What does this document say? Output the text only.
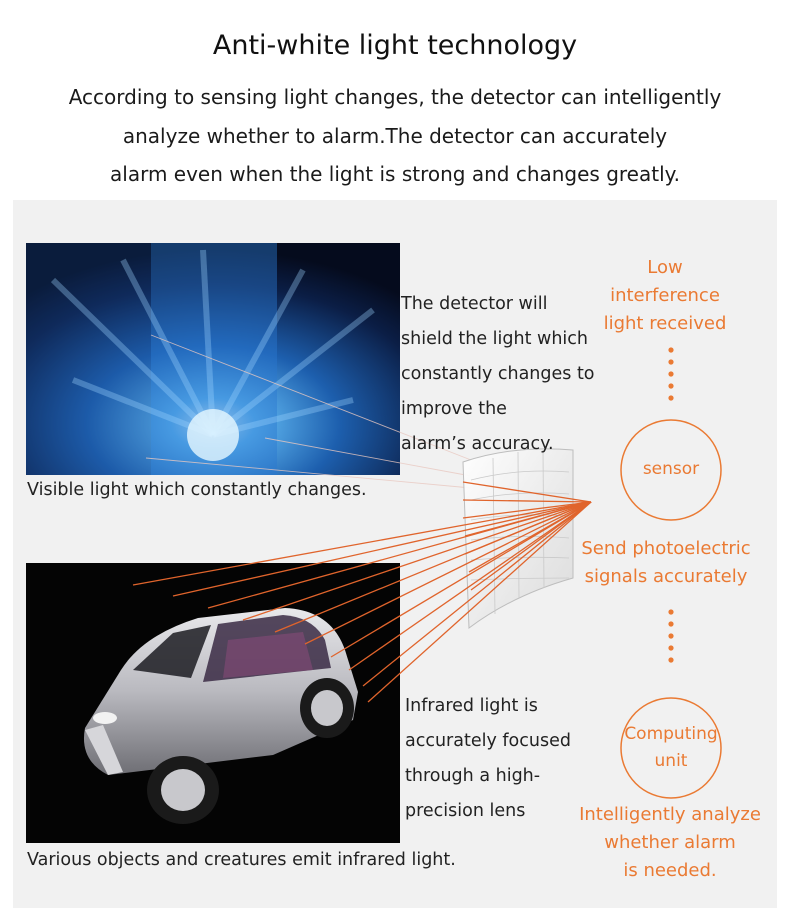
Anti-white light technology
According to sensing light changes, the detector can intelligently
analyze whether to alarm.The detector can accurately
alarm even when the light is strong and changes greatly.
Visible light which constantly changes.
The detector will
shield the light which
constantly changes to
improve the
alarm’s accuracy.
Various objects and creatures emit infrared light.
Infrared light is
accurately focused
through a high-
precision lens
Low
interference
light received
sensor
Send photoelectric
signals accurately
Computing
unit
Intelligently analyze
whether alarm
is needed.
